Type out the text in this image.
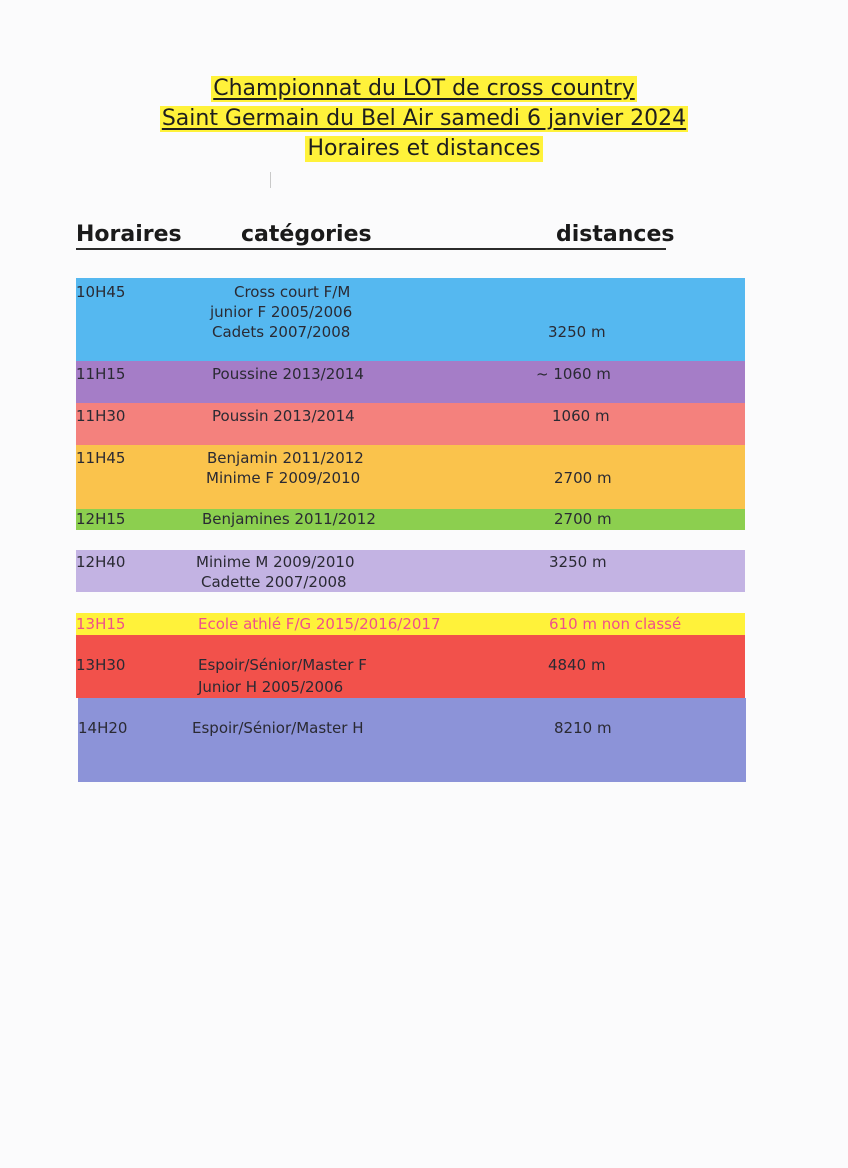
Championnat du LOT de cross country
Saint Germain du Bel Air samedi 6 janvier 2024
Horaires et distances
Horaires	catégories	distances
10H45	Cross court F/M
junior F 2005/2006
Cadets 2007/2008	3250 m
11H15	Poussine 2013/2014	~ 1060 m
11H30	Poussin 2013/2014	1060 m
11H45	Benjamin 2011/2012
Minime F 2009/2010	2700 m
12H15	Benjamines 2011/2012	2700 m
12H40	Minime M 2009/2010
Cadette 2007/2008
3250 m
13H15	Ecole athlé F/G 2015/2016/2017	610 m non classé
13H30	Espoir/Sénior/Master F
Junior H 2005/2006
4840 m
14H20	Espoir/Sénior/Master H	8210 m
